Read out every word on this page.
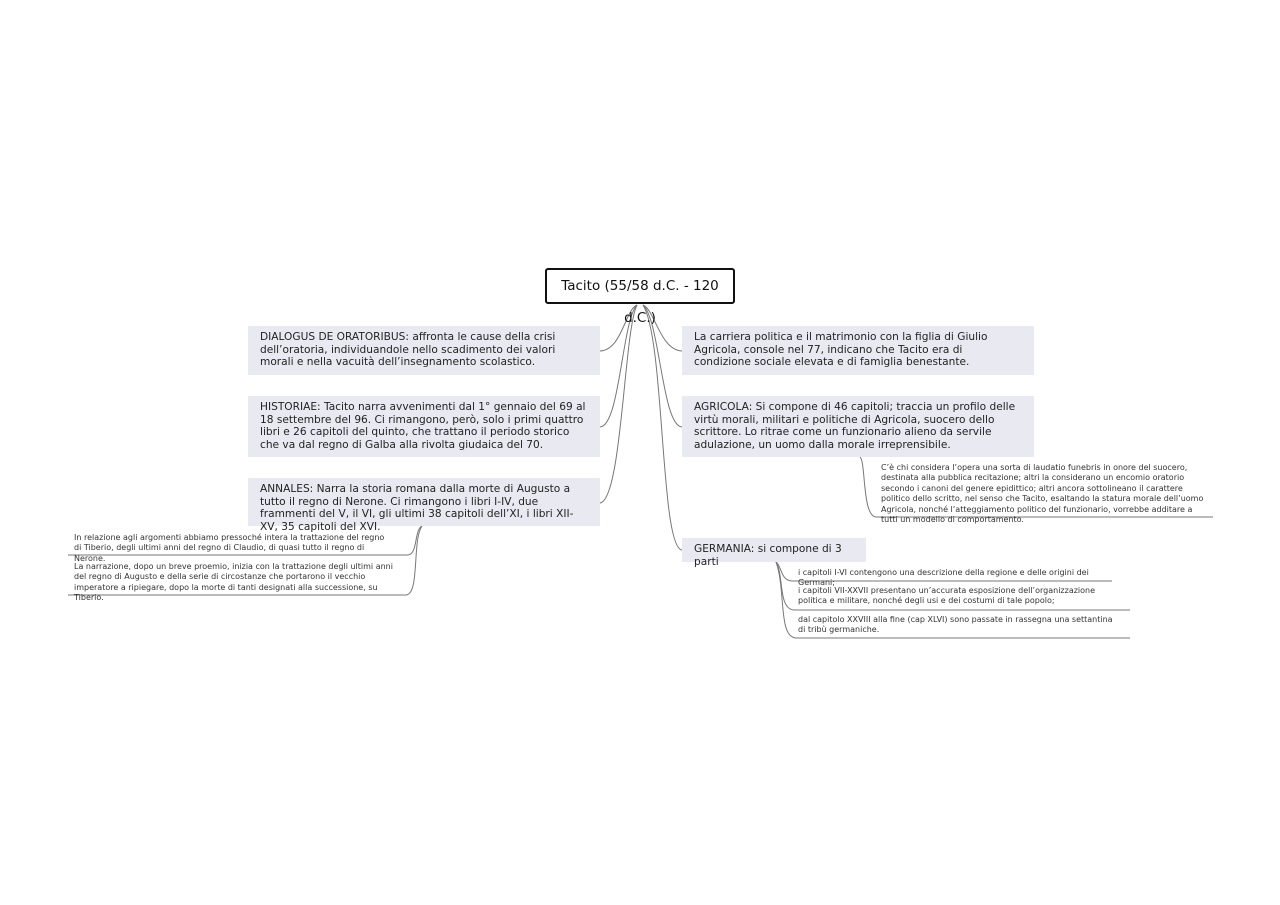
Tacito (55/58 d.C. - 120 d.C.)
DIALOGUS DE ORATORIBUS: affronta le cause della crisi dell’oratoria, individuandole nello scadimento dei valori morali e nella vacuità dell’insegnamento scolastico.
HISTORIAE: Tacito narra avvenimenti dal 1° gennaio del 69 al 18 settembre del 96. Ci rimangono, però, solo i primi quattro libri e 26 capitoli del quinto, che trattano il periodo storico che va dal regno di Galba alla rivolta giudaica del 70.
ANNALES: Narra la storia romana dalla morte di Augusto a tutto il regno di Nerone. Ci rimangono i libri I-IV, due frammenti del V, il VI, gli ultimi 38 capitoli dell’XI, i libri XII-XV, 35 capitoli del XVI.
In relazione agli argomenti abbiamo pressoché intera la trattazione del regno di Tiberio, degli ultimi anni del regno di Claudio, di quasi tutto il regno di Nerone.
La narrazione, dopo un breve proemio, inizia con la trattazione degli ultimi anni del regno di Augusto e della serie di circostanze che portarono il vecchio imperatore a ripiegare, dopo la morte di tanti designati alla successione, su Tiberio.
La carriera politica e il matrimonio con la figlia di Giulio Agricola, console nel 77, indicano che Tacito era di condizione sociale elevata e di famiglia benestante.
AGRICOLA: Si compone di 46 capitoli; traccia un profilo delle virtù morali, militari e politiche di Agricola, suocero dello scrittore. Lo ritrae come un funzionario alieno da servile adulazione, un uomo dalla morale irreprensibile.
C’è chi considera l’opera una sorta di laudatio funebris in onore del suocero, destinata alla pubblica recitazione; altri la considerano un encomio oratorio secondo i canoni del genere epidittico; altri ancora sottolineano il carattere politico dello scritto, nel senso che Tacito, esaltando la statura morale dell’uomo Agricola, nonché l’atteggiamento politico del funzionario, vorrebbe additare a tutti un modello di comportamento.
GERMANIA: si compone di 3 parti
i capitoli I-VI contengono una descrizione della regione e delle origini dei Germani;
i capitoli VII-XXVII presentano un’accurata esposizione dell’organizzazione politica e militare, nonché degli usi e dei costumi di tale popolo;
dal capitolo XXVIII alla fine (cap XLVI) sono passate in rassegna una settantina di tribù germaniche.
